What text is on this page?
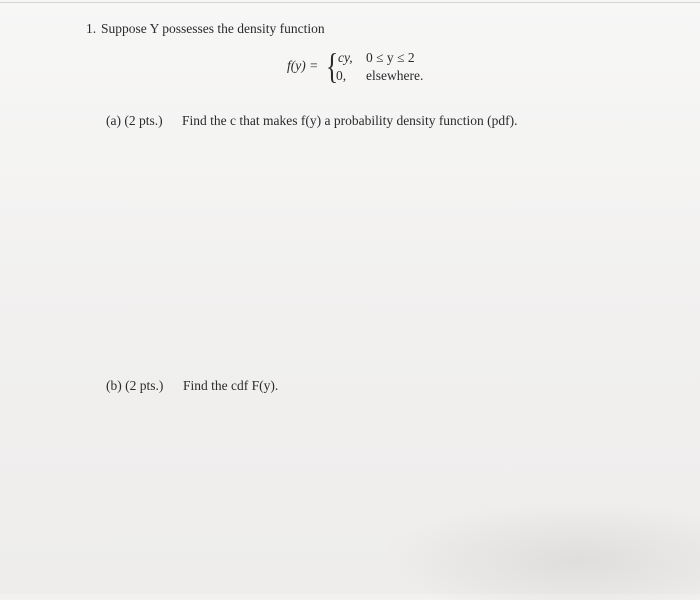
1. Suppose Y possesses the density function
f(y) = { cy, 0 ≤ y ≤ 2
0, elsewhere.
(a) (2 pts.) Find the c that makes f(y) a probability density function (pdf).
(b) (2 pts.) Find the cdf F(y).
